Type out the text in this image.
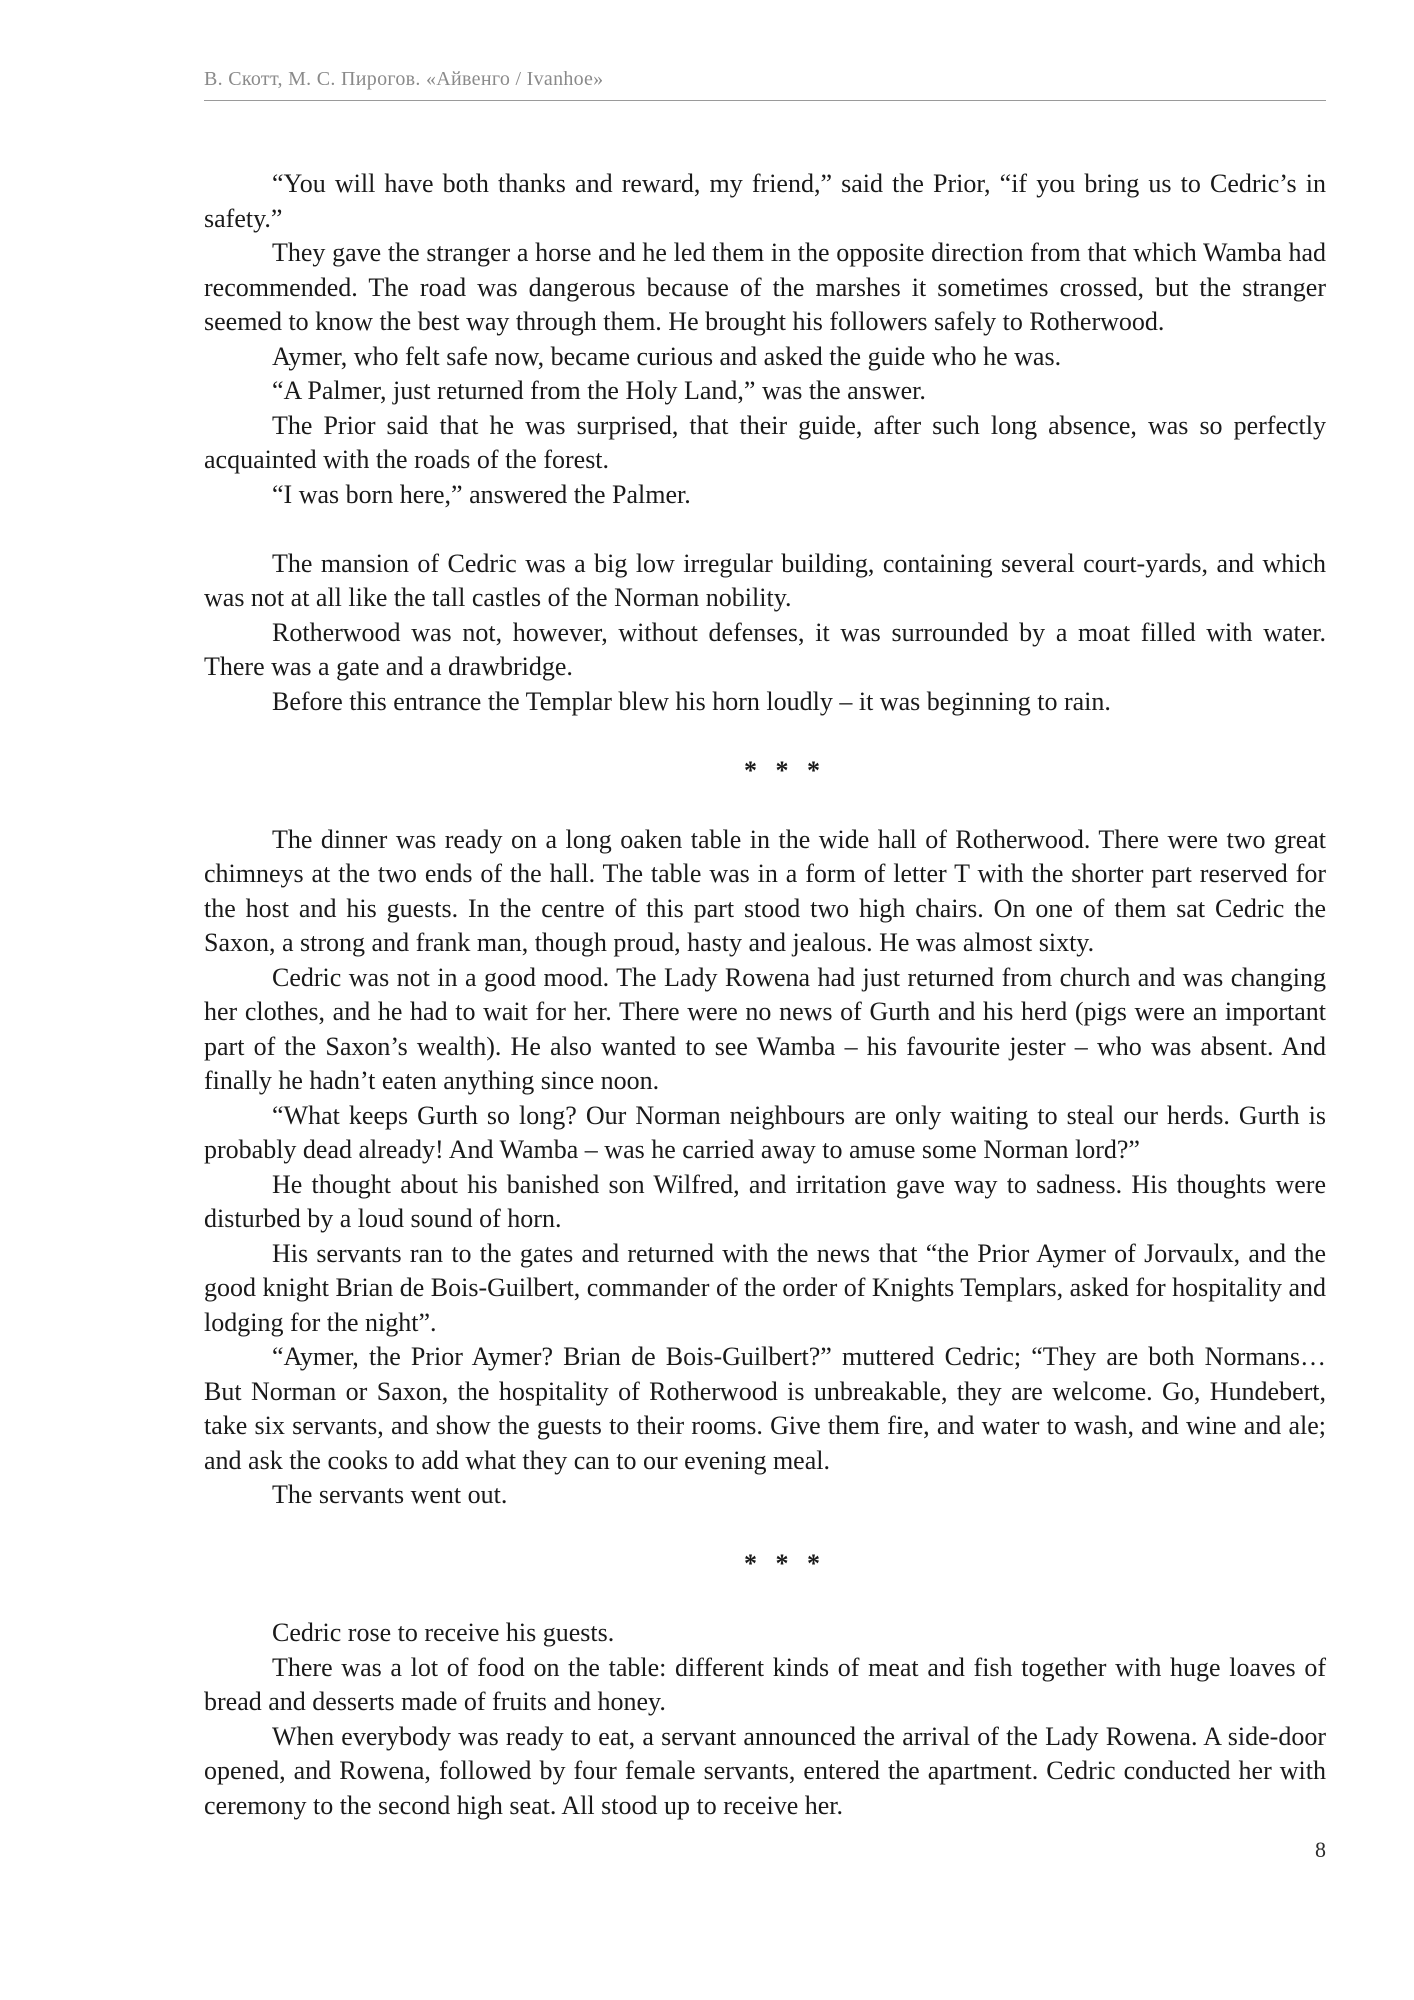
В. Скотт, М. С. Пирогов. «Айвенго / Ivanhoe»

“You will have both thanks and reward, my friend,” said the Prior, “if you bring us to Cedric’s in safety.”

They gave the stranger a horse and he led them in the opposite direction from that which Wamba had recommended. The road was dangerous because of the marshes it sometimes crossed, but the stranger seemed to know the best way through them. He brought his followers safely to Rotherwood.

Aymer, who felt safe now, became curious and asked the guide who he was.

“A Palmer, just returned from the Holy Land,” was the answer.

The Prior said that he was surprised, that their guide, after such long absence, was so perfectly acquainted with the roads of the forest.

“I was born here,” answered the Palmer.

The mansion of Cedric was a big low irregular building, containing several court-yards, and which was not at all like the tall castles of the Norman nobility.

Rotherwood was not, however, without defenses, it was surrounded by a moat filled with water. There was a gate and a drawbridge.

Before this entrance the Templar blew his horn loudly – it was beginning to rain.

* * *

The dinner was ready on a long oaken table in the wide hall of Rotherwood. There were two great chimneys at the two ends of the hall. The table was in a form of letter T with the shorter part reserved for the host and his guests. In the centre of this part stood two high chairs. On one of them sat Cedric the Saxon, a strong and frank man, though proud, hasty and jealous. He was almost sixty.

Cedric was not in a good mood. The Lady Rowena had just returned from church and was changing her clothes, and he had to wait for her. There were no news of Gurth and his herd (pigs were an important part of the Saxon’s wealth). He also wanted to see Wamba – his favourite jester – who was absent. And finally he hadn’t eaten anything since noon.

“What keeps Gurth so long? Our Norman neighbours are only waiting to steal our herds. Gurth is probably dead already! And Wamba – was he carried away to amuse some Norman lord?”

He thought about his banished son Wilfred, and irritation gave way to sadness. His thoughts were disturbed by a loud sound of horn.

His servants ran to the gates and returned with the news that “the Prior Aymer of Jorvaulx, and the good knight Brian de Bois-Guilbert, commander of the order of Knights Templars, asked for hospitality and lodging for the night”.

“Aymer, the Prior Aymer? Brian de Bois-Guilbert?” muttered Cedric; “They are both Normans… But Norman or Saxon, the hospitality of Rotherwood is unbreakable, they are welcome. Go, Hundebert, take six servants, and show the guests to their rooms. Give them fire, and water to wash, and wine and ale; and ask the cooks to add what they can to our evening meal.

The servants went out.

* * *

Cedric rose to receive his guests.

There was a lot of food on the table: different kinds of meat and fish together with huge loaves of bread and desserts made of fruits and honey.

When everybody was ready to eat, a servant announced the arrival of the Lady Rowena. A side-door opened, and Rowena, followed by four female servants, entered the apartment. Cedric conducted her with ceremony to the second high seat. All stood up to receive her.

8
